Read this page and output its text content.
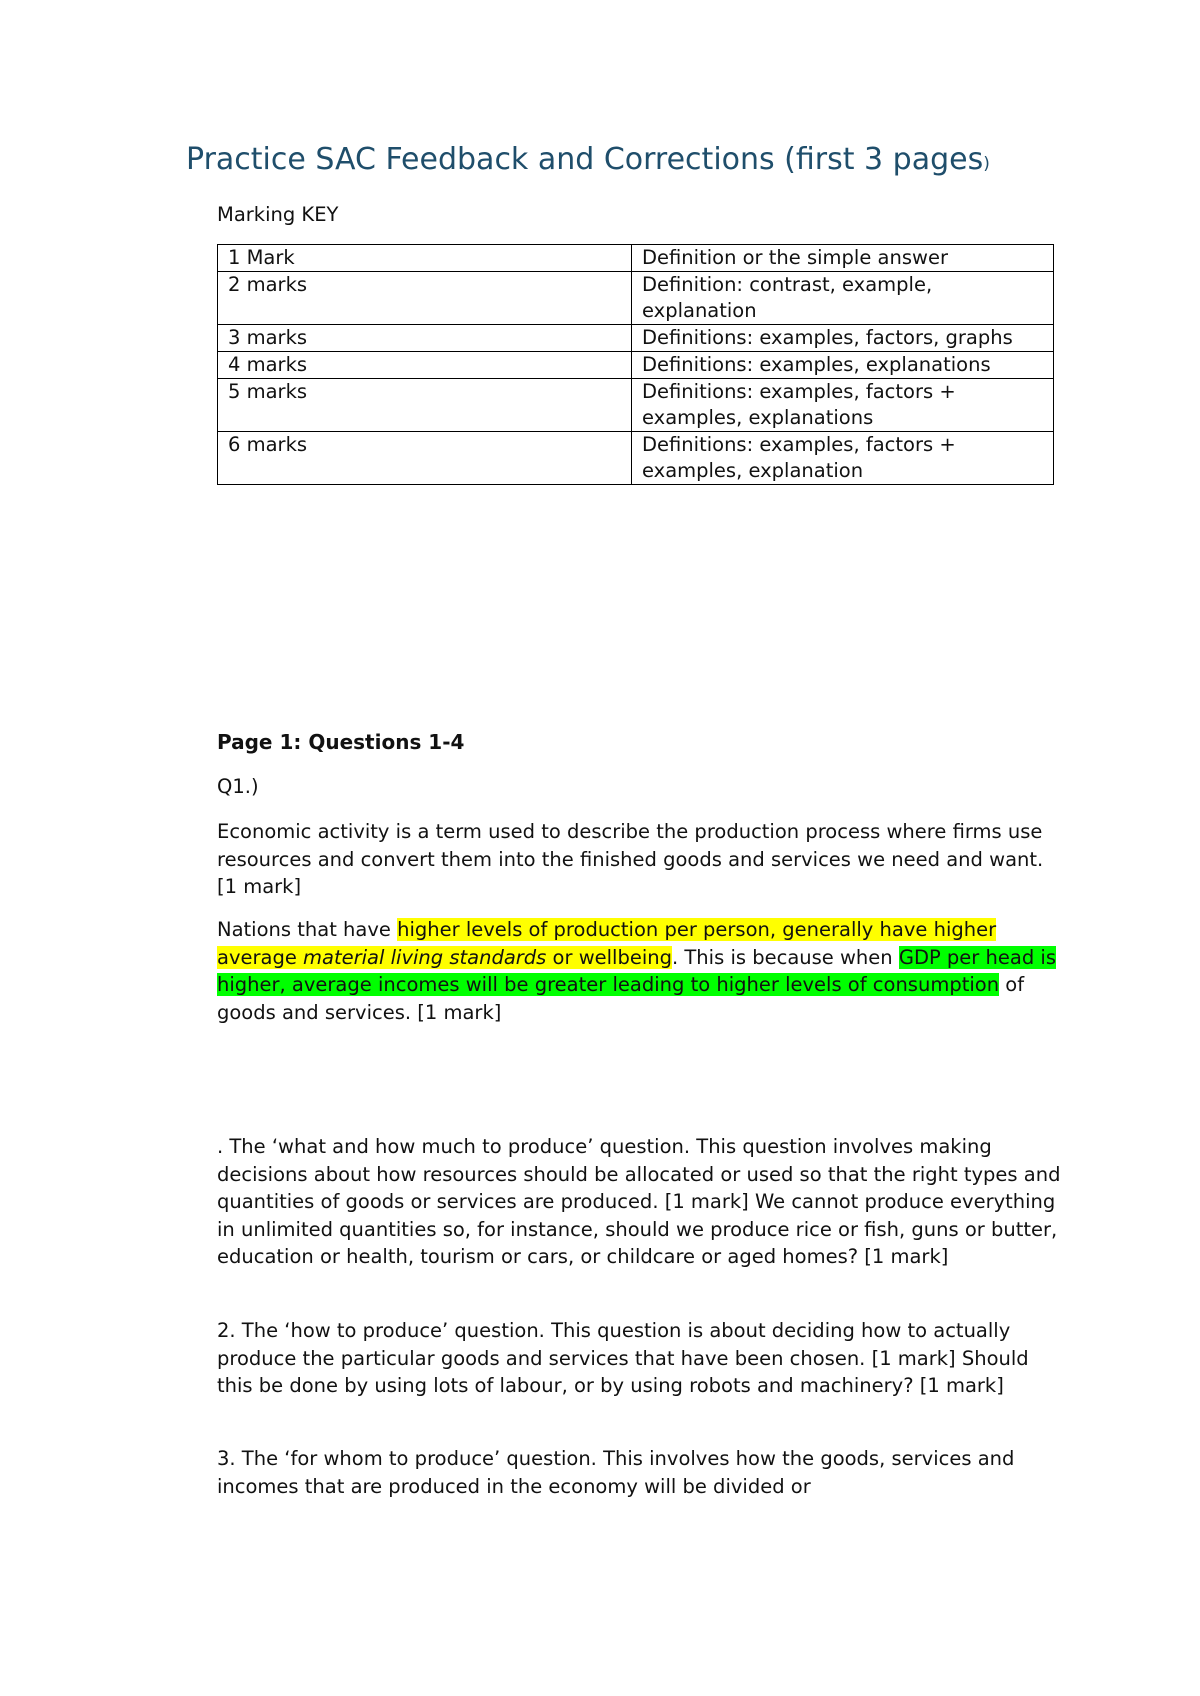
Practice SAC Feedback and Corrections (first 3 pages)
Marking KEY
1 Mark	Definition or the simple answer
2 marks	Definition: contrast, example, explanation
3 marks	Definitions: examples, factors, graphs
4 marks	Definitions: examples, explanations
5 marks	Definitions: examples, factors + examples, explanations
6 marks	Definitions: examples, factors + examples, explanation
Page 1: Questions 1-4
Q1.)
Economic activity is a term used to describe the production process where firms use resources and convert them into the finished goods and services we need and want. [1 mark]
Nations that have higher levels of production per person, generally have higher average material living standards or wellbeing. This is because when GDP per head is higher, average incomes will be greater leading to higher levels of consumption of goods and services. [1 mark]
. The ‘what and how much to produce’ question. This question involves making decisions about how resources should be allocated or used so that the right types and quantities of goods or services are produced. [1 mark] We cannot produce everything in unlimited quantities so, for instance, should we produce rice or fish, guns or butter, education or health, tourism or cars, or childcare or aged homes? [1 mark]
2. The ‘how to produce’ question. This question is about deciding how to actually produce the particular goods and services that have been chosen. [1 mark] Should this be done by using lots of labour, or by using robots and machinery? [1 mark]
3. The ‘for whom to produce’ question. This involves how the goods, services and incomes that are produced in the economy will be divided or
